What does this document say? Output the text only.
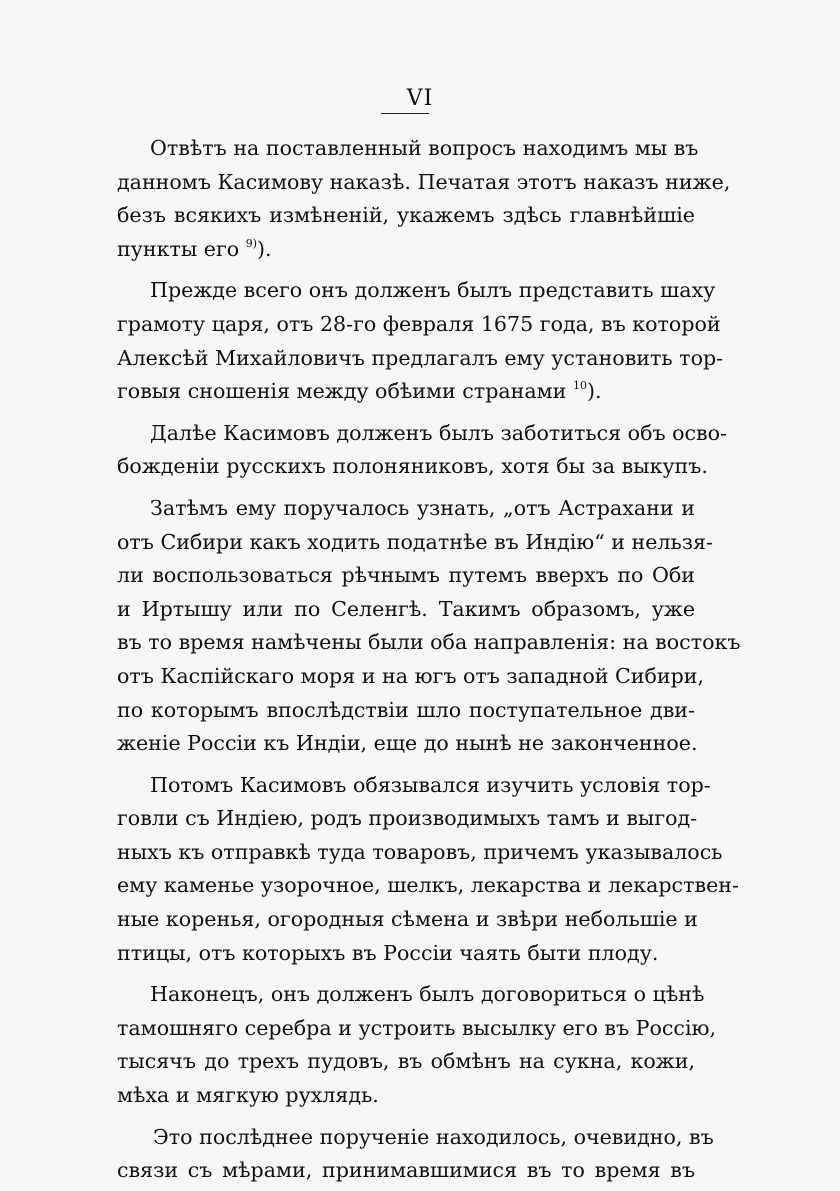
VI
Отвѣтъ на поставленный вопросъ находимъ мы въ
данномъ Касимову наказѣ. Печатая этотъ наказъ ниже,
безъ всякихъ измѣненій, укажемъ здѣсь главнѣйшіе
пункты его $^{9)}$).
Прежде всего онъ долженъ былъ представить шаху
грамоту царя, отъ 28-го февраля 1675 года, въ которой
Алексѣй Михайловичъ предлагалъ ему установить тор-
говыя сношенія между обѣими странами $^{10}$).
Далѣе Касимовъ долженъ былъ заботиться объ осво-
божденіи русскихъ полоняниковъ, хотя бы за выкупъ.
Затѣмъ ему поручалось узнать, „отъ Астрахани и
отъ Сибири какъ ходить податнѣе въ Индію“ и нельзя-
ли воспользоваться рѣчнымъ путемъ вверхъ по Оби
и Иртышу или по Селенгѣ. Такимъ образомъ, уже
въ то время намѣчены были оба направленія: на востокъ
отъ Каспійскаго моря и на югъ отъ западной Сибири,
по которымъ впослѣдствіи шло поступательное дви-
женіе Россіи къ Индіи, еще до нынѣ не законченное.
Потомъ Касимовъ обязывался изучить условія тор-
говли съ Индіею, родъ производимыхъ тамъ и выгод-
ныхъ къ отправкѣ туда товаровъ, причемъ указывалось
ему каменье узорочное, шелкъ, лекарства и лекарствен-
ные коренья, огородныя сѣмена и звѣри небольшіе и
птицы, отъ которыхъ въ Россіи чаять быти плоду.
Наконецъ, онъ долженъ былъ договориться о цѣнѣ
тамошняго серебра и устроить высылку его въ Россію,
тысячъ до трехъ пудовъ, въ обмѣнъ на сукна, кожи,
мѣха и мягкую рухлядь.
Это послѣднее порученіе находилось, очевидно, въ
связи съ мѣрами, принимавшимися въ то время въ
